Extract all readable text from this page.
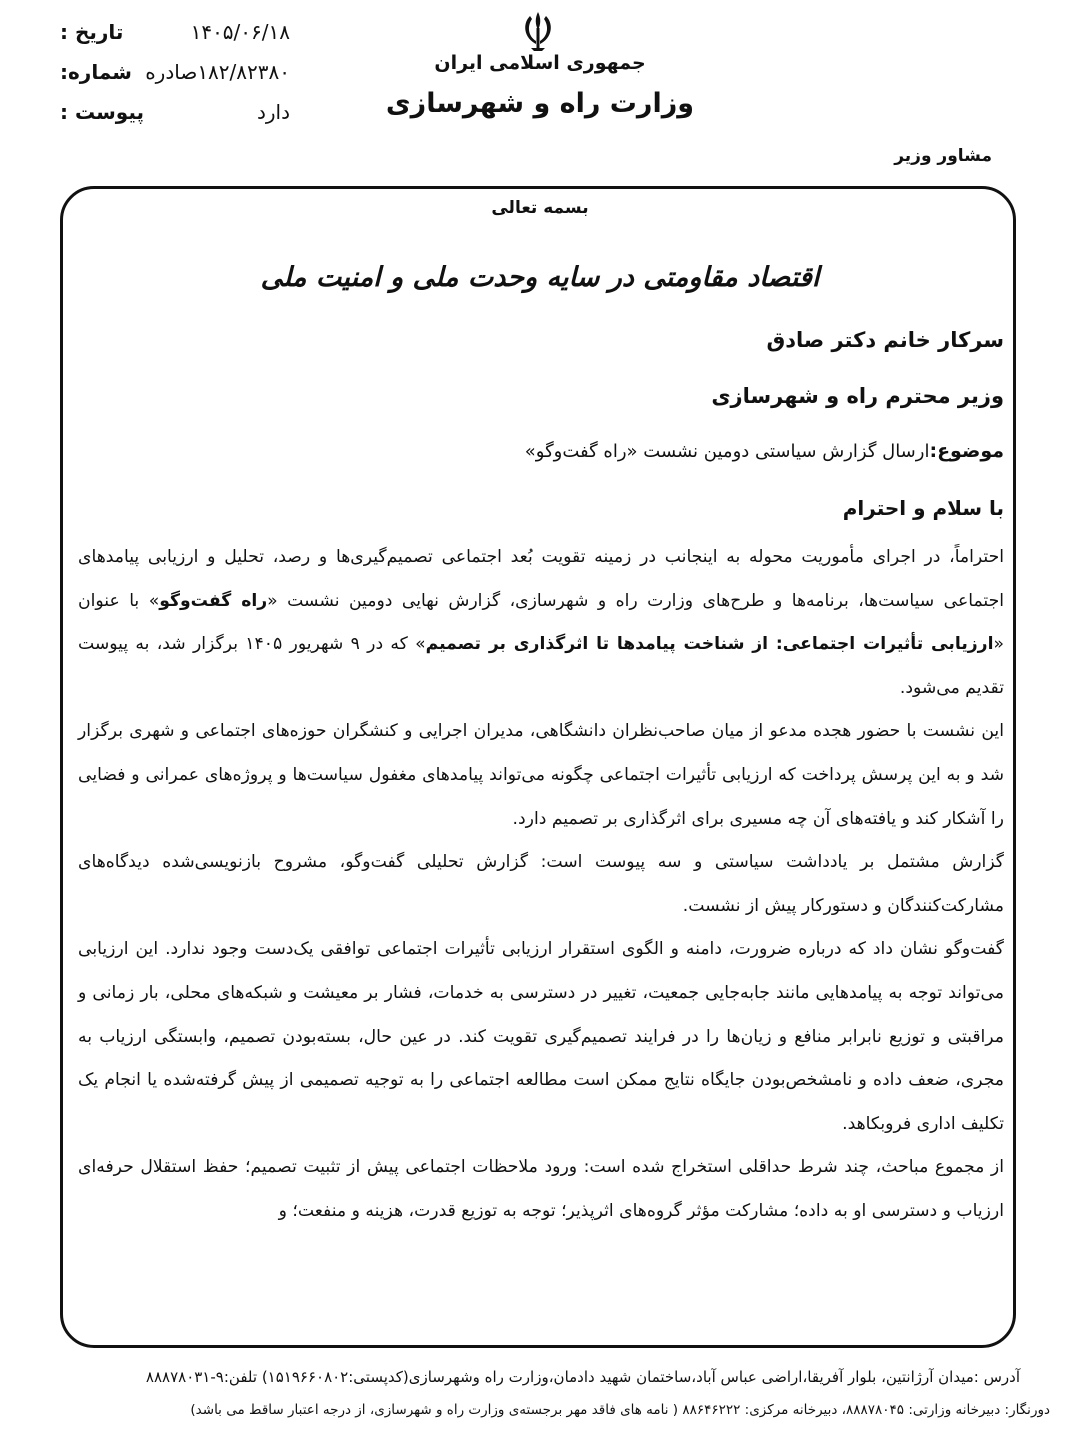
تاریخ :	۱۴۰۵/۰۶/۱۸
شماره: ۱۸۲/۸۲۳۸۰صادره
پیوست :	دارد
جمهوری اسلامی ایران
وزارت راه و شهرسازی
مشاور وزیر
بسمه تعالی
اقتصاد مقاومتی در سایه وحدت ملی و امنیت ملی
سرکار خانم دکتر صادق
وزیر محترم راه و شهرسازی
موضوع:ارسال گزارش سیاستی دومین نشست «راه گفت‌وگو»
با سلام و احترام

احتراماً، در اجرای مأموریت محوله به اینجانب در زمینه تقویت بُعد اجتماعی تصمیم‌گیری‌ها و رصد، تحلیل و ارزیابی پیامدهای اجتماعی سیاست‌ها، برنامه‌ها و طرح‌های وزارت راه و شهرسازی، گزارش نهایی دومین نشست «راه گفت‌وگو» با عنوان «ارزیابی تأثیرات اجتماعی: از شناخت پیامدها تا اثرگذاری بر تصمیم» که در ۹ شهریور ۱۴۰۵ برگزار شد، به پیوست تقدیم می‌شود.

این نشست با حضور هجده مدعو از میان صاحب‌نظران دانشگاهی، مدیران اجرایی و کنشگران حوزه‌های اجتماعی و شهری برگزار شد و به این پرسش پرداخت که ارزیابی تأثیرات اجتماعی چگونه می‌تواند پیامدهای مغفول سیاست‌ها و پروژه‌های عمرانی و فضایی را آشکار کند و یافته‌های آن چه مسیری برای اثرگذاری بر تصمیم دارد.

گزارش مشتمل بر یادداشت سیاستی و سه پیوست است: گزارش تحلیلی گفت‌وگو، مشروح بازنویسی‌شده دیدگاه‌های مشارکت‌کنندگان و دستورکار پیش از نشست.

گفت‌وگو نشان داد که درباره ضرورت، دامنه و الگوی استقرار ارزیابی تأثیرات اجتماعی توافقی یک‌دست وجود ندارد. این ارزیابی می‌تواند توجه به پیامدهایی مانند جابه‌جایی جمعیت، تغییر در دسترسی به خدمات، فشار بر معیشت و شبکه‌های محلی، بار زمانی و مراقبتی و توزیع نابرابر منافع و زیان‌ها را در فرایند تصمیم‌گیری تقویت کند. در عین حال، بسته‌بودن تصمیم، وابستگی ارزیاب به مجری، ضعف داده و نامشخص‌بودن جایگاه نتایج ممکن است مطالعه اجتماعی را به توجیه تصمیمی از پیش گرفته‌شده یا انجام یک تکلیف اداری فروبکاهد.

از مجموع مباحث، چند شرط حداقلی استخراج شده است: ورود ملاحظات اجتماعی پیش از تثبیت تصمیم؛ حفظ استقلال حرفه‌ای ارزیاب و دسترسی او به داده؛ مشارکت مؤثر گروه‌های اثرپذیر؛ توجه به توزیع قدرت، هزینه و منفعت؛ و

آدرس :میدان آرژانتین، بلوار آفریقا،اراضی عباس آباد،ساختمان شهید دادمان،وزارت راه وشهرسازی(کدپستی:۱۵۱۹۶۶۰۸۰۲) تلفن:۹-۸۸۸۷۸۰۳۱
دورنگار: دبیرخانه وزارتی: ۸۸۸۷۸۰۴۵، دبیرخانه مرکزی: ۸۸۶۴۶۲۲۲ ( نامه های فاقد مهر برجسته‌ی وزارت راه و شهرسازی، از درجه اعتبار ساقط می باشد)
